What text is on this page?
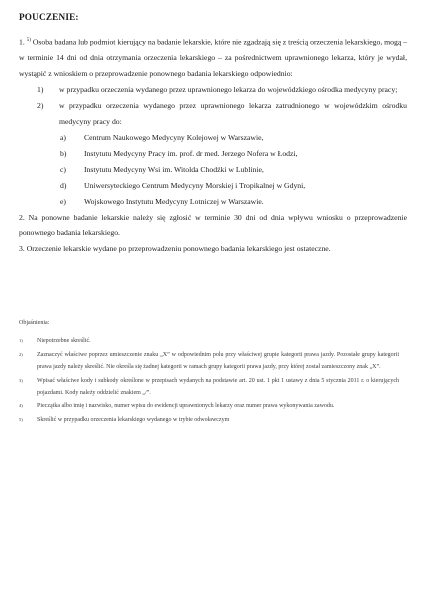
POUCZENIE:

1. $^{5)}$ Osoba badana lub podmiot kierujący na badanie lekarskie, które nie zgadzają się z treścią orzeczenia lekarskiego, mogą – w terminie 14 dni od dnia otrzymania orzeczenia lekarskiego – za pośrednictwem uprawnionego lekarza, który je wydał, wystąpić z wnioskiem o przeprowadzenie ponownego badania lekarskiego odpowiednio:

1)	w przypadku orzeczenia wydanego przez uprawnionego lekarza do wojewódzkiego ośrodka medycyny pracy;
2)	w przypadku orzeczenia wydanego przez uprawnionego lekarza zatrudnionego w wojewódzkim ośrodku medycyny pracy do:
a)	Centrum Naukowego Medycyny Kolejowej w Warszawie,
b)	Instytutu Medycyny Pracy im. prof. dr med. Jerzego Nofera w Łodzi,
c)	Instytutu Medycyny Wsi im. Witolda Chodźki w Lublinie,
d)	Uniwersyteckiego Centrum Medycyny Morskiej i Tropikalnej w Gdyni,
e)	Wojskowego Instytutu Medycyny Lotniczej w Warszawie.

2. Na ponowne badanie lekarskie należy się zgłosić w terminie 30 dni od dnia wpływu wniosku o przeprowadzenie ponownego badania lekarskiego.

3. Orzeczenie lekarskie wydane po przeprowadzeniu ponownego badania lekarskiego jest ostateczne.

Objaśnienia:
1)	Niepotrzebne skreślić.
2)	Zaznaczyć właściwe poprzez umieszczenie znaku „X” w odpowiednim polu przy właściwej grupie kategorii prawa jazdy. Pozostałe grupy kategorii prawa jazdy należy skreślić. Nie określa się żadnej kategorii w ramach grupy kategorii prawa jazdy, przy której został zamieszczony znak „X”.
3)	Wpisać właściwe kody i subkody określone w przepisach wydanych na podstawie art. 20 ust. 1 pkt 1 ustawy z dnia 5 stycznia 2011 r. o kierujących pojazdami. Kody należy oddzielić znakiem „/”.
4)	Pieczątka albo imię i nazwisko, numer wpisu do ewidencji uprawnionych lekarzy oraz numer prawa wykonywania zawodu.
5)	Skreślić w przypadku orzeczenia lekarskiego wydanego w trybie odwoławczym
